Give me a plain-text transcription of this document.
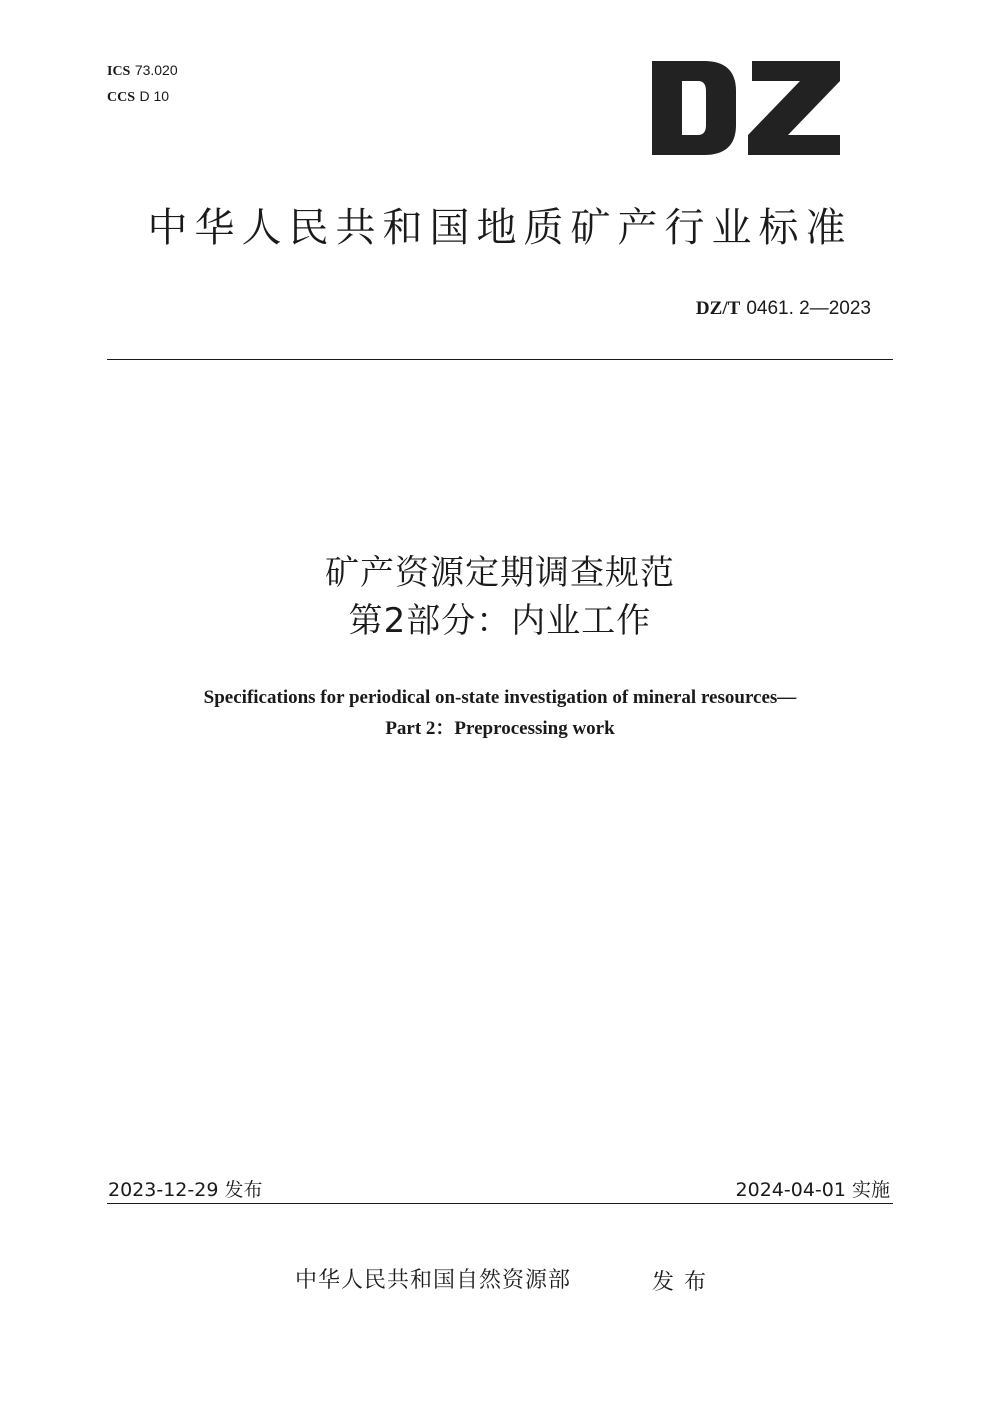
ICS 73.020
CCS D 10
中华人民共和国地质矿产行业标准
DZ/T 0461. 2—2023
矿产资源定期调查规范
第2部分：内业工作
Specifications for periodical on-state investigation of mineral resources—
Part 2：Preprocessing work
2023-12-29 发布	2024-04-01 实施
中华人民共和国自然资源部	发布
